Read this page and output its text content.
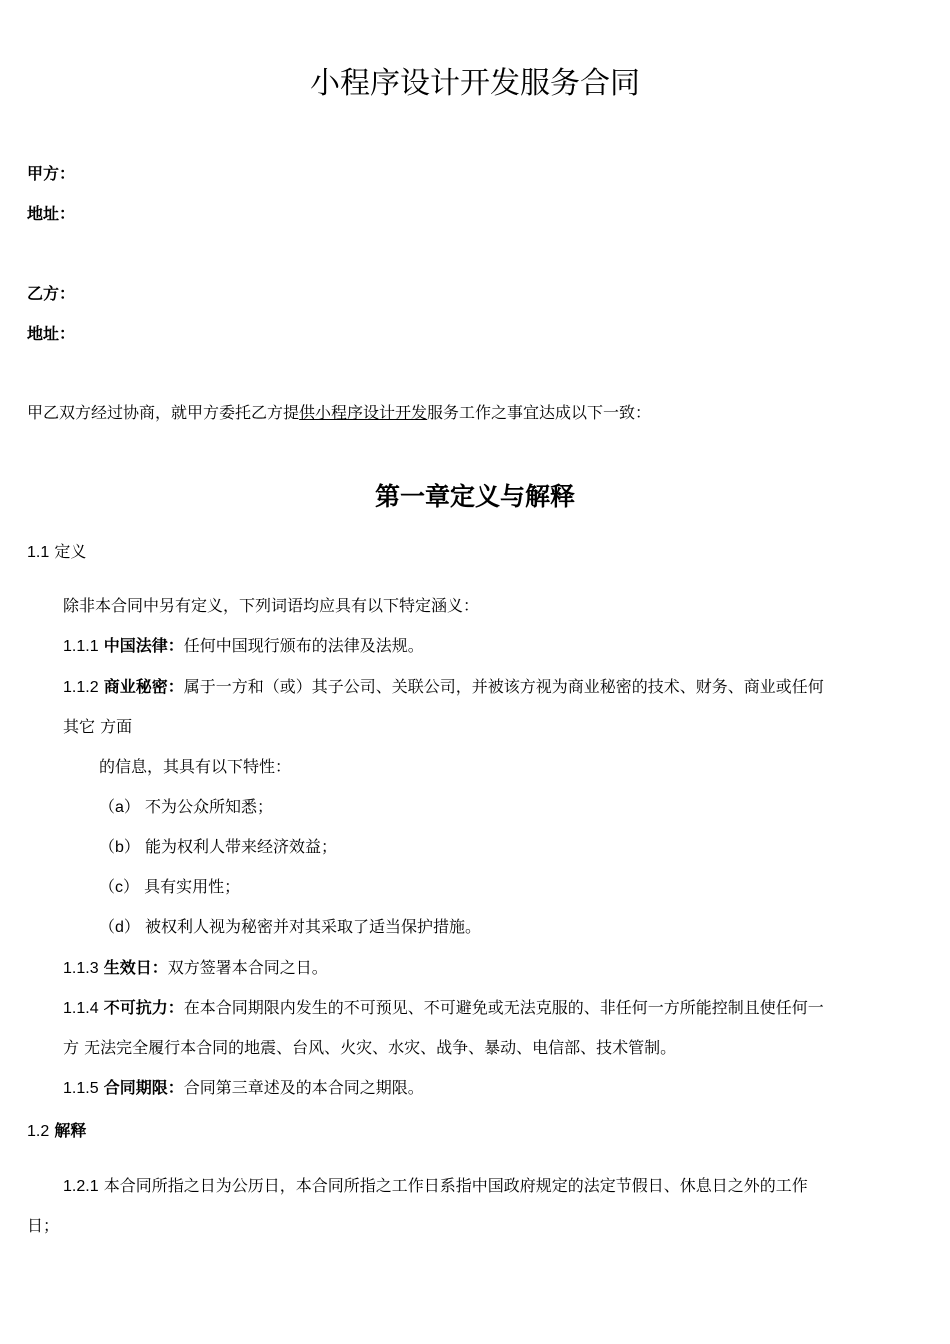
小程序设计开发服务合同
甲方：
地址：
乙方：
地址：
甲乙双方经过协商，就甲方委托乙方提供小程序设计开发服务工作之事宜达成以下一致：
第一章定义与解释
1.1 定义
除非本合同中另有定义，下列词语均应具有以下特定涵义：
1.1.1 中国法律：任何中国现行颁布的法律及法规。
1.1.2 商业秘密：属于一方和（或）其子公司、关联公司，并被该方视为商业秘密的技术、财务、商业或任何
其它 方面
的信息，其具有以下特性：
（a） 不为公众所知悉；
（b） 能为权利人带来经济效益；
（c） 具有实用性；
（d） 被权利人视为秘密并对其采取了适当保护措施。
1.1.3 生效日：双方签署本合同之日。
1.1.4 不可抗力：在本合同期限内发生的不可预见、不可避免或无法克服的、非任何一方所能控制且使任何一
方 无法完全履行本合同的地震、台风、火灾、水灾、战争、暴动、电信部、技术管制。
1.1.5 合同期限：合同第三章述及的本合同之期限。
1.2 解释
1.2.1 本合同所指之日为公历日，本合同所指之工作日系指中国政府规定的法定节假日、休息日之外的工作
日；
